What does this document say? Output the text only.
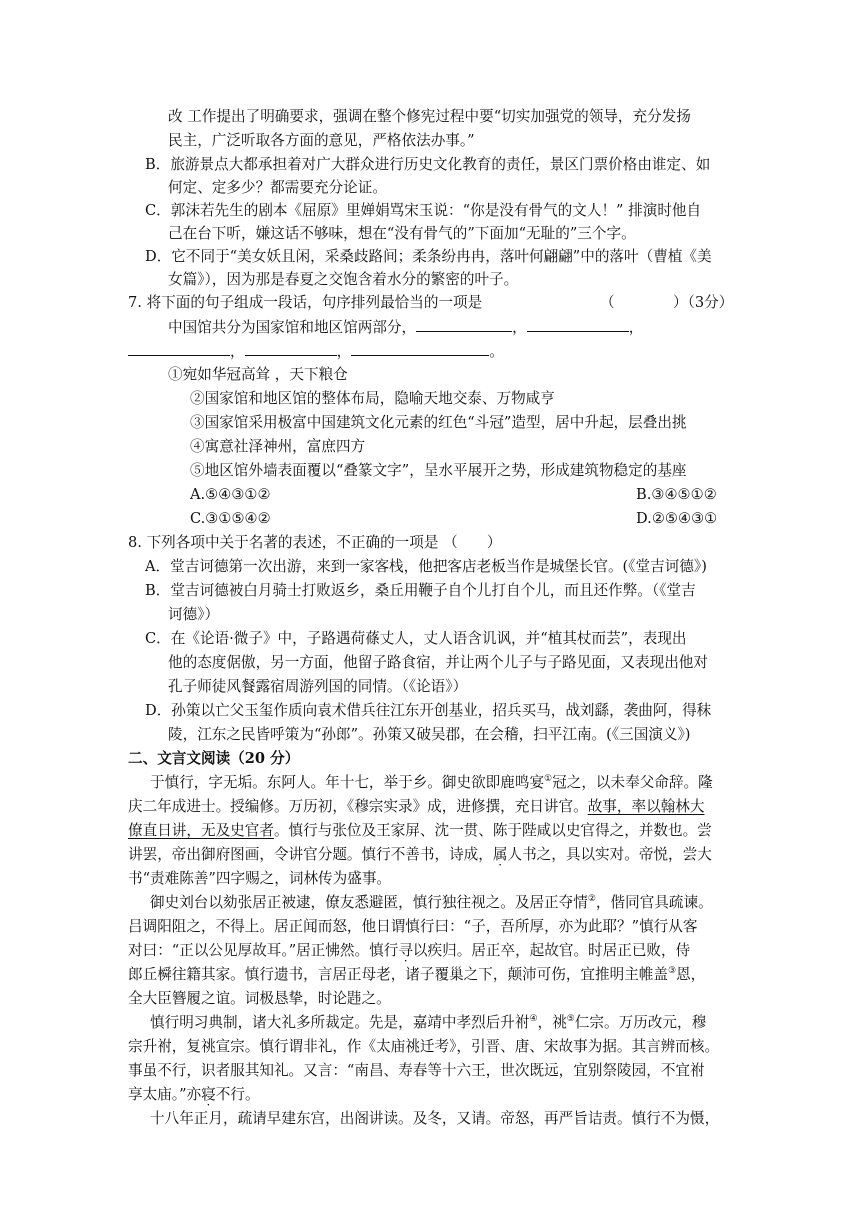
改 工作提出了明确要求，强调在整个修宪过程中要“切实加强党的领导，充分发扬
民主，广泛听取各方面的意见，严格依法办事。”
B．旅游景点大都承担着对广大群众进行历史文化教育的责任，景区门票价格由谁定、如
何定、定多少？都需要充分论证。
C．郭沫若先生的剧本《屈原》里婵娟骂宋玉说：“你是没有骨气的文人！” 排演时他自
己在台下听，嫌这话不够味，想在“没有骨气的”下面加“无耻的”三个字。
D．它不同于“美女妖且闲，采桑歧路间；柔条纷冉冉，落叶何翩翩”中的落叶（曹植《美
女篇》），因为那是春夏之交饱含着水分的繁密的叶子。
7. 将下面的句子组成一段话，句序排列最恰当的一项是	（　　　　）（3分）
中国馆共分为国家馆和地区馆两部分，	，	，
，	，	。
①宛如华冠高耸 ，天下粮仓
②国家馆和地区馆的整体布局，隐喻天地交泰、万物咸亨
③国家馆采用极富中国建筑文化元素的红色“斗冠”造型，居中升起，层叠出挑
④寓意社泽神州，富庶四方
⑤地区馆外墙表面覆以“叠篆文字”，呈水平展开之势，形成建筑物稳定的基座
A.⑤④③①②	B.③④⑤①②
C.③①⑤④②	D.②⑤④③①
8. 下列各项中关于名著的表述，不正确的一项是 （　　）
A．堂吉诃德第一次出游，来到一家客栈，他把客店老板当作是城堡长官。(《堂吉诃德》)
B．堂吉诃德被白月骑士打败返乡，桑丘用鞭子自个儿打自个儿，而且还作弊。（《堂吉
诃德》）
C．在《论语·微子》中，子路遇荷蓧丈人，丈人语含讥讽，并“植其杖而芸”，表现出
他的态度倨傲，另一方面，他留子路食宿，并让两个儿子与子路见面，又表现出他对
孔子师徒风餐露宿周游列国的同情。（《论语》）
D．孙策以亡父玉玺作质向袁术借兵往江东开创基业，招兵买马，战刘繇，袭曲阿，得秣
陵，江东之民皆呼策为“孙郎”。孙策又破吴郡，在会稽，扫平江南。(《三国演义》)
二、文言文阅读（20 分）
于慎行，字无垢。东阿人。年十七，举于乡。御史欲即鹿鸣宴①冠之，以未奉父命辞。隆
庆二年成进士。授编修。万历初，《穆宗实录》成，进修撰，充日讲官。故事，率以翰林大
僚直日讲，无及史官者。慎行与张位及王家屏、沈一贯、陈于陛咸以史官得之，并数也。尝
讲罢，帝出御府图画，令讲官分题。慎行不善书，诗成，属人书之，具以实对。帝悦，尝大
书“责难陈善”四字赐之，词林传为盛事。
御史刘台以劾张居正被逮，僚友悉避匿，慎行独往视之。及居正夺情②，偕同官具疏谏。
吕调阳阻之，不得上。居正闻而怒，他日谓慎行曰：“子，吾所厚，亦为此耶？”慎行从客
对曰：“正以公见厚故耳。”居正怫然。慎行寻以疾归。居正卒，起故官。时居正已败，侍
郎丘橓往籍其家。慎行遗书，言居正母老，诸子覆巢之下，颠沛可伤，宜推明主帷盖③恩，
全大臣簪履之谊。词极恳挚，时论韪之。
慎行明习典制，诸大礼多所裁定。先是，嘉靖中孝烈后升祔④，祧⑤仁宗。万历改元，穆
宗升祔，复祧宣宗。慎行谓非礼，作《太庙祧迁考》，引晋、唐、宋故事为据。其言辨而核。
事虽不行，识者服其知礼。又言：“南昌、寿春等十六王，世次既远，宜别祭陵园，不宜祔
享太庙。”亦寝不行。
十八年正月，疏请早建东宫，出阁讲读。及冬，又请。帝怒，再严旨诘责。慎行不为慑，
